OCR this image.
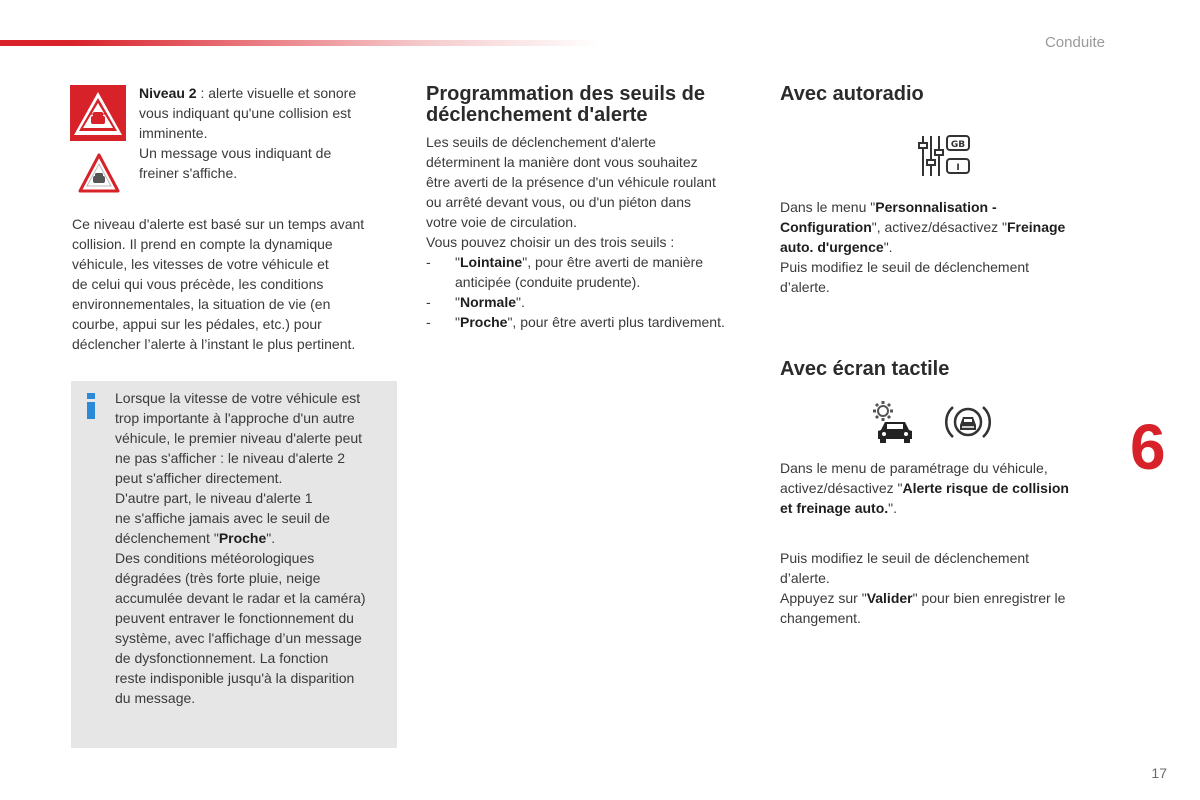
Conduite
6
17

Niveau 2 : alerte visuelle et sonore

vous indiquant qu'une collision est

imminente.

Un message vous indiquant de

freiner s'affiche.

Ce niveau d'alerte est basé sur un temps avant

collision. Il prend en compte la dynamique

véhicule, les vitesses de votre véhicule et

de celui qui vous précède, les conditions

environnementales, la situation de vie (en

courbe, appui sur les pédales, etc.) pour

déclencher l’alerte à l’instant le plus pertinent.

Lorsque la vitesse de votre véhicule est

trop importante à l'approche d'un autre

véhicule, le premier niveau d'alerte peut

ne pas s'afficher : le niveau d'alerte 2

peut s'afficher directement.

D'autre part, le niveau d'alerte 1

ne s'affiche jamais avec le seuil de

déclenchement "Proche".

Des conditions météorologiques

dégradées (très forte pluie, neige

accumulée devant le radar et la caméra)

peuvent entraver le fonctionnement du

système, avec l'affichage d’un message

de dysfonctionnement. La fonction

reste indisponible jusqu'à la disparition

du message.

Programmation des seuils de

déclenchement d'alerte

Les seuils de déclenchement d'alerte

déterminent la manière dont vous souhaitez

être averti de la présence d'un véhicule roulant

ou arrêté devant vous, ou d'un piéton dans

votre voie de circulation.

Vous pouvez choisir un des trois seuils :

-	"Lointaine", pour être averti de manière

anticipée (conduite prudente).

-	"Normale".
-	"Proche", pour être averti plus tardivement.

Avec autoradio

GB
I

Dans le menu "Personnalisation -

Configuration", activez/désactivez "Freinage

auto. d'urgence".

Puis modifiez le seuil de déclenchement

d’alerte.

Avec écran tactile

Dans le menu de paramétrage du véhicule,

activez/désactivez "Alerte risque de collision

et freinage auto.".

Puis modifiez le seuil de déclenchement

d’alerte.

Appuyez sur "Valider" pour bien enregistrer le

changement.
